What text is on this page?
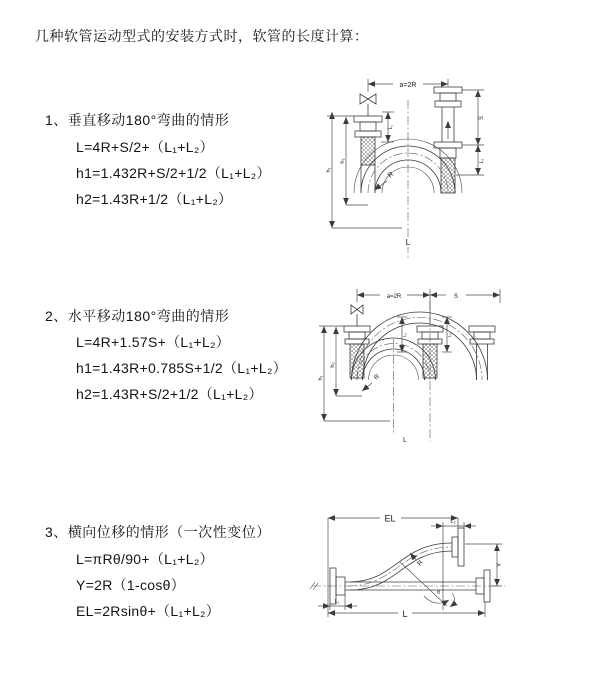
几种软管运动型式的安装方式时，软管的长度计算：
1、垂直移动180°弯曲的情形
L=4R+S/2+（L₁+L₂）
h1=1.432R+S/2+1/2（L₁+L₂）
h2=1.43R+1/2（L₁+L₂）
2、水平移动180°弯曲的情形
L=4R+1.57S+（L₁+L₂）
h1=1.43R+0.785S+1/2（L₁+L₂）
h2=1.43R+S/2+1/2（L₁+L₂）
3、横向位移的情形（一次性变位）
L=πRθ/90+（L₁+L₂）
Y=2R（1-cosθ）
EL=2Rsinθ+（L₁+L₂）
a=2R
h₁
h₂
L₁
S
L₂
R
L
a=2R	S
L₁	L₂
h₁
h₂
R
L
EL	L₂
θ
R	Y
L
L₁
